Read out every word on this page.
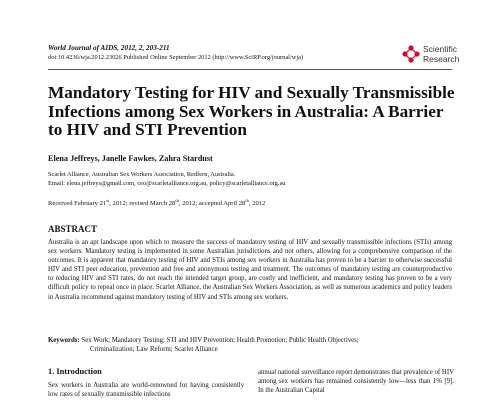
World Journal of AIDS, 2012, 2, 203-211
doi:10.4236/wja.2012.23026 Published Online September 2012 (http://www.SciRP.org/journal/wja)
Scientific
Research
Mandatory Testing for HIV and Sexually Transmissible Infections among Sex Workers in Australia: A Barrier to HIV and STI Prevention
Elena Jeffreys, Janelle Fawkes, Zahra Stardust
Scarlet Alliance, Australian Sex Workers Association, Redfern, Australia.
Email: elena.jeffreys@gmail.com, ceo@scarletalliance.org.au, policy@scarletalliance.org.au
Received February 21st, 2012; revised March 28th, 2012; accepted April 28th, 2012
ABSTRACT

Australia is an apt landscape upon which to measure the success of mandatory testing of HIV and sexually transmissible infections (STIs) among sex workers. Mandatory testing is implemented in some Australian jurisdictions and not others, allowing for a comprehensive comparison of the outcomes. It is apparent that mandatory testing of HIV and STIs among sex workers in Australia has proven to be a barrier to otherwise successful HIV and STI peer education, prevention and free and anonymous testing and treatment. The outcomes of mandatory testing are counterproductive to reducing HIV and STI rates, do not reach the intended target group, are costly and inefficient, and mandatory testing has proven to be a very difficult policy to repeal once in place. Scarlet Alliance, the Australian Sex Workers Association, as well as numerous academics and policy leaders in Australia recommend against mandatory testing of HIV and STIs among sex workers.

Keywords: Sex Work; Mandatory Testing; STI and HIV Prevention; Health Promotion; Public Health Objectives;
Criminalization; Law Reform; Scarlet Alliance
1. Introduction

Sex workers in Australia are world-renowned for having consistently low rates of sexually transmissible infections

annual national surveillance report demonstrates that prevalence of HIV among sex workers has remained consistently low—less than 1% [9]. In the Australian Capital
